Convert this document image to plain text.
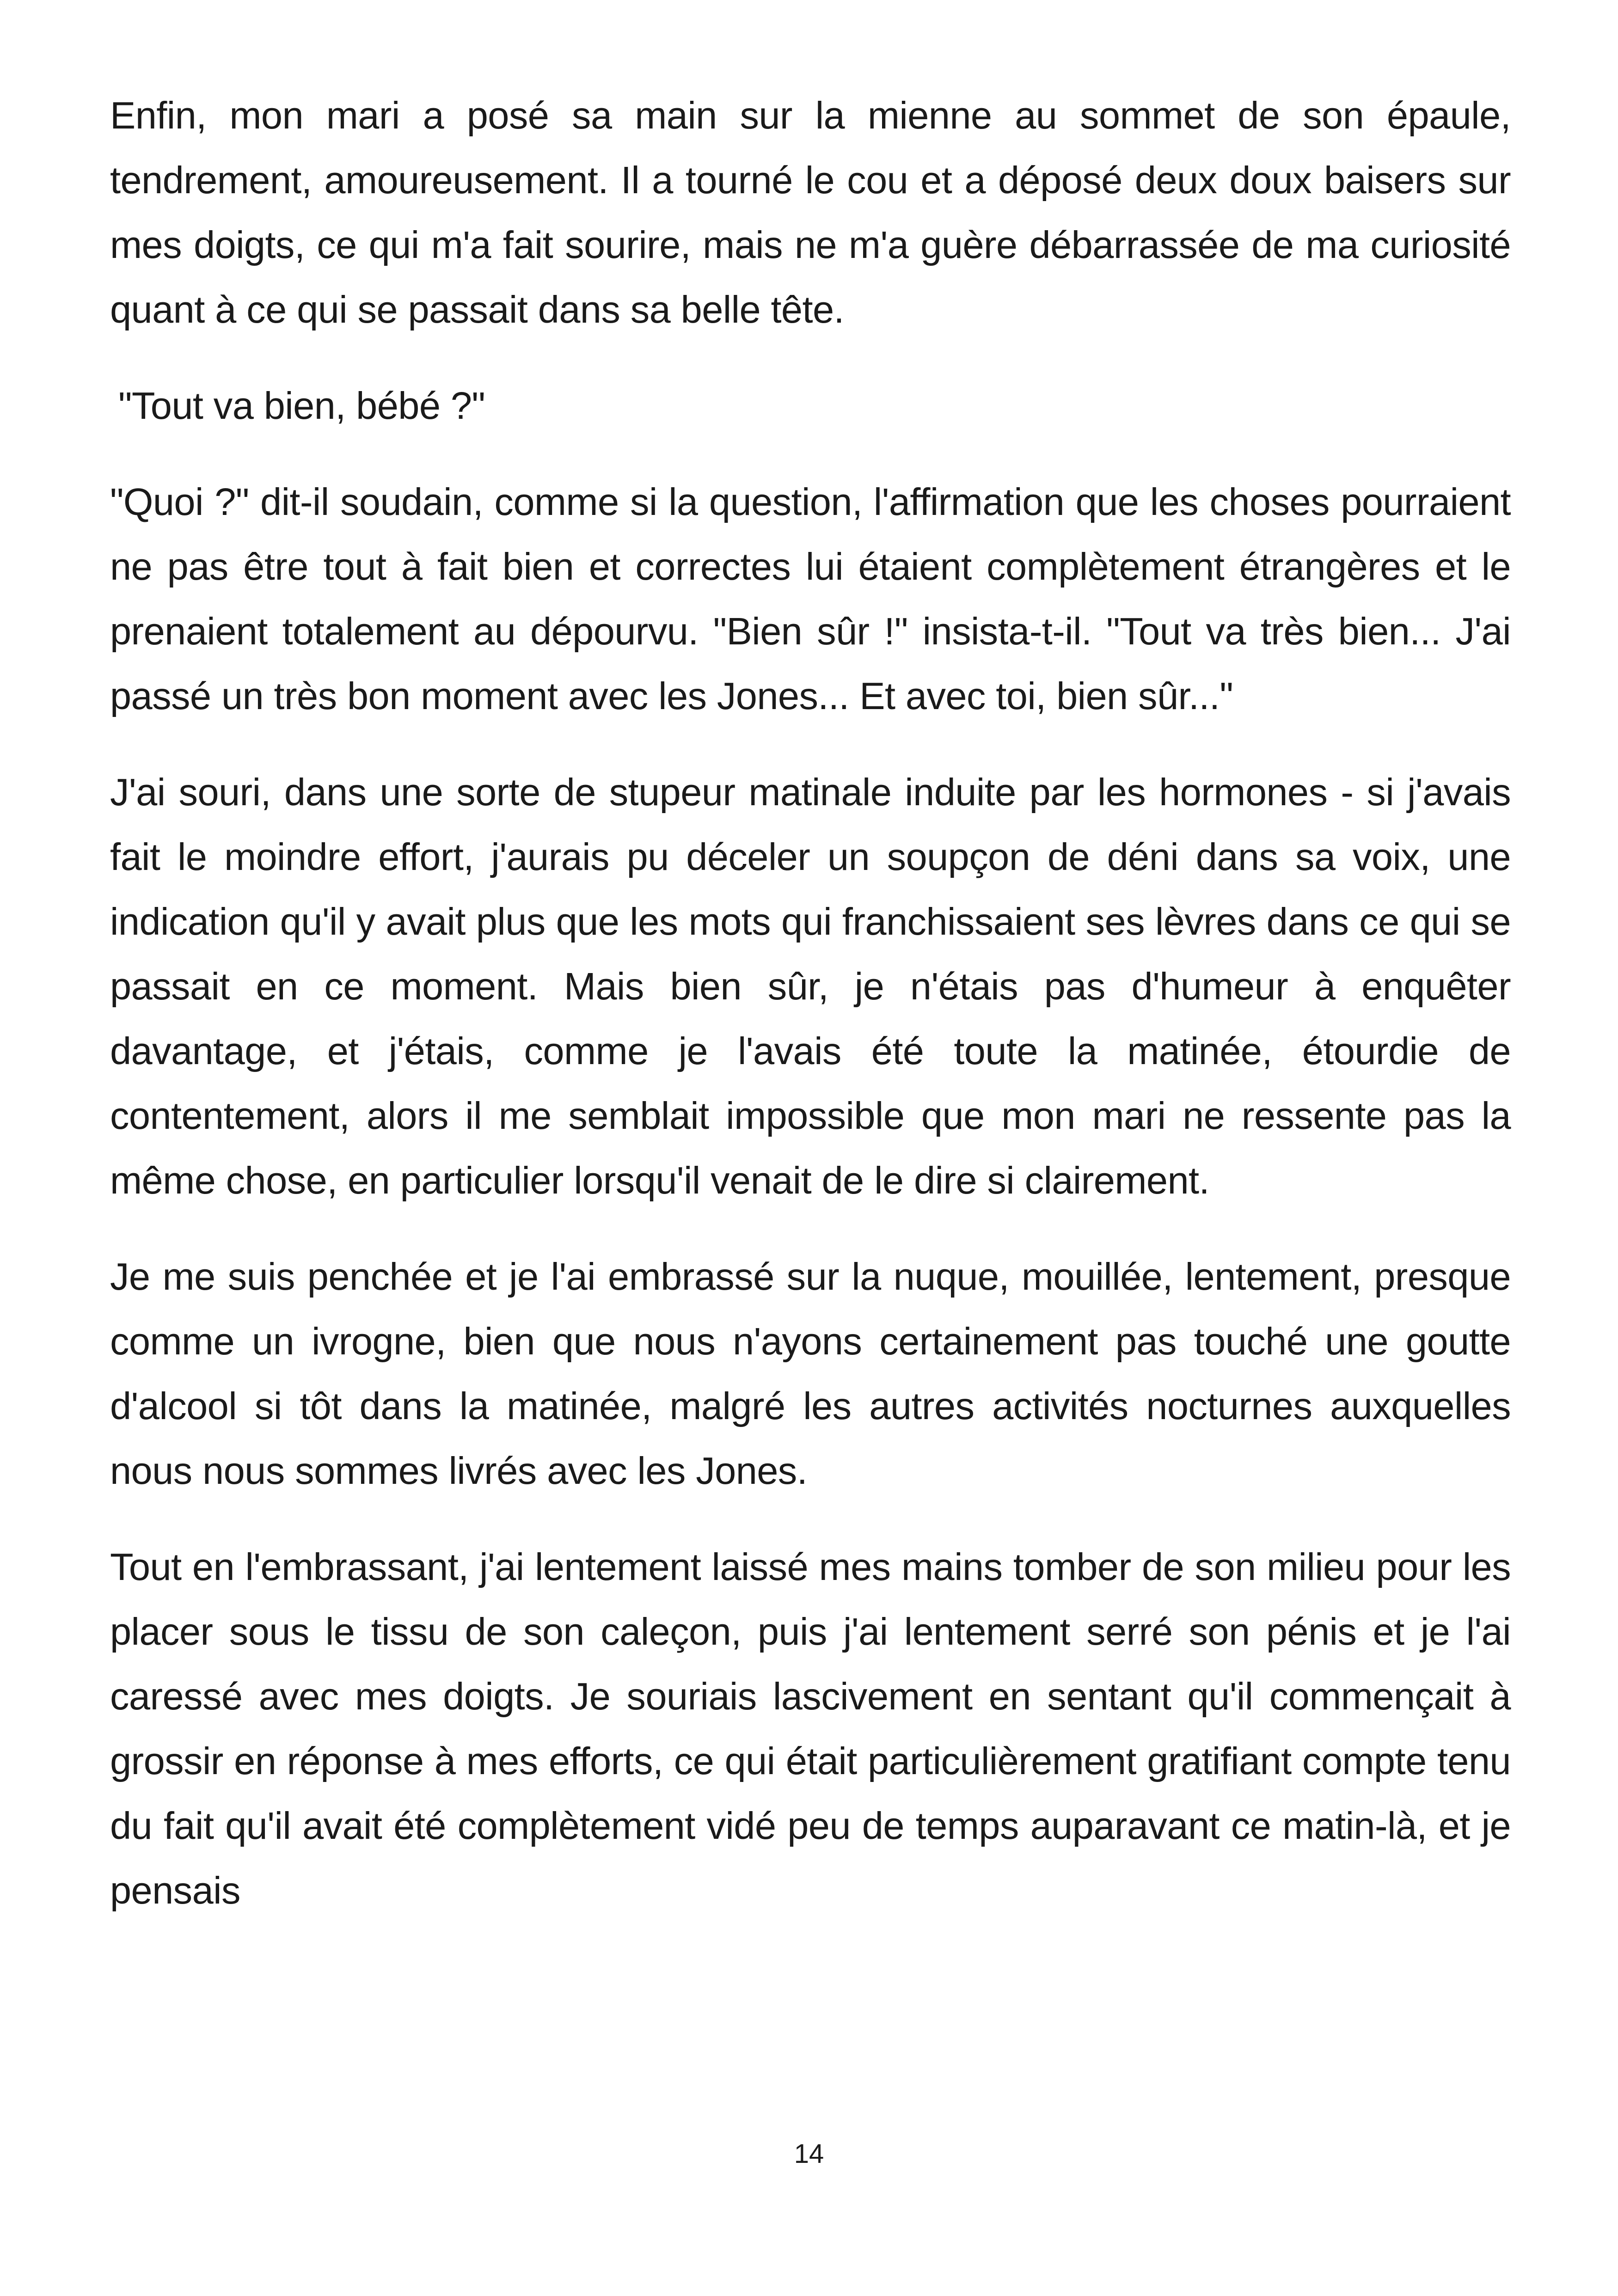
Enfin, mon mari a posé sa main sur la mienne au sommet de son épaule, tendrement, amoureusement. Il a tourné le cou et a déposé deux doux baisers sur mes doigts, ce qui m'a fait sourire, mais ne m'a guère débarrassée de ma curiosité quant à ce qui se passait dans sa belle tête.

"Tout va bien, bébé ?"

"Quoi ?" dit-il soudain, comme si la question, l'affirmation que les choses pourraient ne pas être tout à fait bien et correctes lui étaient complètement étrangères et le prenaient totalement au dépourvu. "Bien sûr !" insista-t-il. "Tout va très bien... J'ai passé un très bon moment avec les Jones... Et avec toi, bien sûr..."

J'ai souri, dans une sorte de stupeur matinale induite par les hormones - si j'avais fait le moindre effort, j'aurais pu déceler un soupçon de déni dans sa voix, une indication qu'il y avait plus que les mots qui franchissaient ses lèvres dans ce qui se passait en ce moment. Mais bien sûr, je n'étais pas d'humeur à enquêter davantage, et j'étais, comme je l'avais été toute la matinée, étourdie de contentement, alors il me semblait impossible que mon mari ne ressente pas la même chose, en particulier lorsqu'il venait de le dire si clairement.

Je me suis penchée et je l'ai embrassé sur la nuque, mouillée, lentement, presque comme un ivrogne, bien que nous n'ayons certainement pas touché une goutte d'alcool si tôt dans la matinée, malgré les autres activités nocturnes auxquelles nous nous sommes livrés avec les Jones.

Tout en l'embrassant, j'ai lentement laissé mes mains tomber de son milieu pour les placer sous le tissu de son caleçon, puis j'ai lentement serré son pénis et je l'ai caressé avec mes doigts. Je souriais lascivement en sentant qu'il commençait à grossir en réponse à mes efforts, ce qui était particulièrement gratifiant compte tenu du fait qu'il avait été complètement vidé peu de temps auparavant ce matin-là, et je pensais

14
